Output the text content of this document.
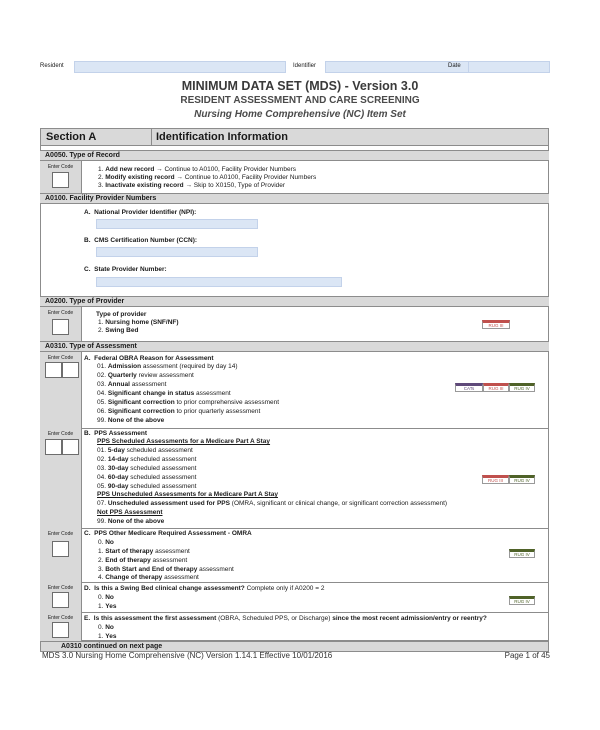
Resident	Identifier	Date
MINIMUM DATA SET (MDS) - Version 3.0
RESIDENT ASSESSMENT AND CARE SCREENING
Nursing Home Comprehensive (NC) Item Set
Section A	Identification Information
A0050. Type of Record
Enter Code	1. Add new record → Continue to A0100, Facility Provider Numbers
2. Modify existing record → Continue to A0100, Facility Provider Numbers
3. Inactivate existing record → Skip to X0150, Type of Provider
A0100. Facility Provider Numbers
A. National Provider Identifier (NPI):
B. CMS Certification Number (CCN):
C. State Provider Number:
A0200. Type of Provider
Enter Code	Type of provider
1. Nursing home (SNF/NF)
2. Swing Bed
RUG III
A0310. Type of Assessment
Enter Code	A. Federal OBRA Reason for Assessment
01. Admission assessment (required by day 14)
02. Quarterly review assessment
03. Annual assessment
04. Significant change in status assessment
05. Significant correction to prior comprehensive assessment
06. Significant correction to prior quarterly assessment
99. None of the above
CATs	RUG III	RUG IV
Enter Code	B. PPS Assessment
PPS Scheduled Assessments for a Medicare Part A Stay
01. 5-day scheduled assessment
02. 14-day scheduled assessment
03. 30-day scheduled assessment
04. 60-day scheduled assessment
05. 90-day scheduled assessment
PPS Unscheduled Assessments for a Medicare Part A Stay
07. Unscheduled assessment used for PPS (OMRA, significant or clinical change, or significant correction assessment)
Not PPS Assessment
99. None of the above
RUG III	RUG IV
Enter Code	C. PPS Other Medicare Required Assessment - OMRA
0. No
1. Start of therapy assessment
2. End of therapy assessment
3. Both Start and End of therapy assessment
4. Change of therapy assessment
RUG IV
Enter Code	D. Is this a Swing Bed clinical change assessment? Complete only if A0200 = 2
0. No
1. Yes
RUG IV
Enter Code	E. Is this assessment the first assessment (OBRA, Scheduled PPS, or Discharge) since the most recent admission/entry or reentry?
0. No
1. Yes
A0310 continued on next page
MDS 3.0 Nursing Home Comprehensive (NC) Version 1.14.1 Effective 10/01/2016	Page 1 of 45
